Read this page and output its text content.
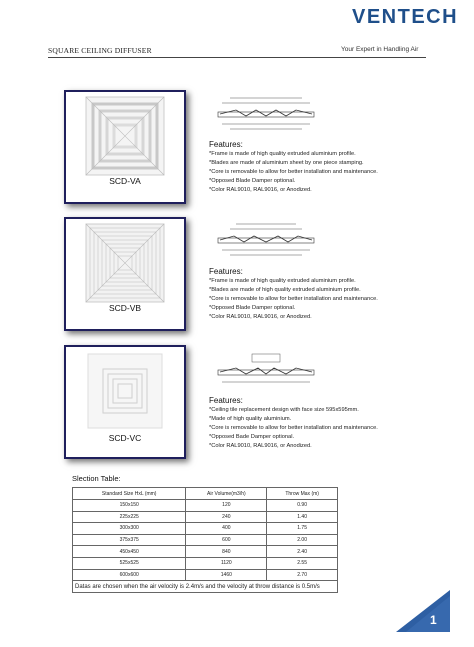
VENTECH
Your Expert in Handling Air
SQUARE CEILING DIFFUSER
SCD-VA
Features:
*Frame is made of high quality extruded aluminium profile.
*Blades are made of aluminium sheet by one piece stamping.
*Core is removable to allow for better installation and maintenance.
*Opposed Blade Damper optional.
*Color RAL9010, RAL9016, or Anodized.
SCD-VB
Features:
*Frame is made of high quality extruded aluminium profile.
*Blades are made of high quality extruded aluminium profile.
*Core is removable to allow for better installation and maintenance.
*Opposed Blade Damper optional.
*Color RAL9010, RAL9016, or Anodized.
SCD-VC
Features:
*Ceiling tile replacement design with face size 595x595mm.
*Made of high quality aluminium.
*Core is removable to allow for better installation and maintenance.
*Opposed Bade Damper optional.
*Color RAL9010, RAL9016, or Anodized.
Slection Table:
Standard Size HxL (mm)	Air Volume(m3/h)	Throw Max (m)
150x150	120	0.90
225x225	240	1.40
300x300	400	1.75
375x375	600	2.00
450x450	840	2.40
525x525	1120	2.55
600x600	1460	2.70
Datas are chosen when the air velocity is 2.4m/s and the velocity at throw distance is 0.5m/s		
1
